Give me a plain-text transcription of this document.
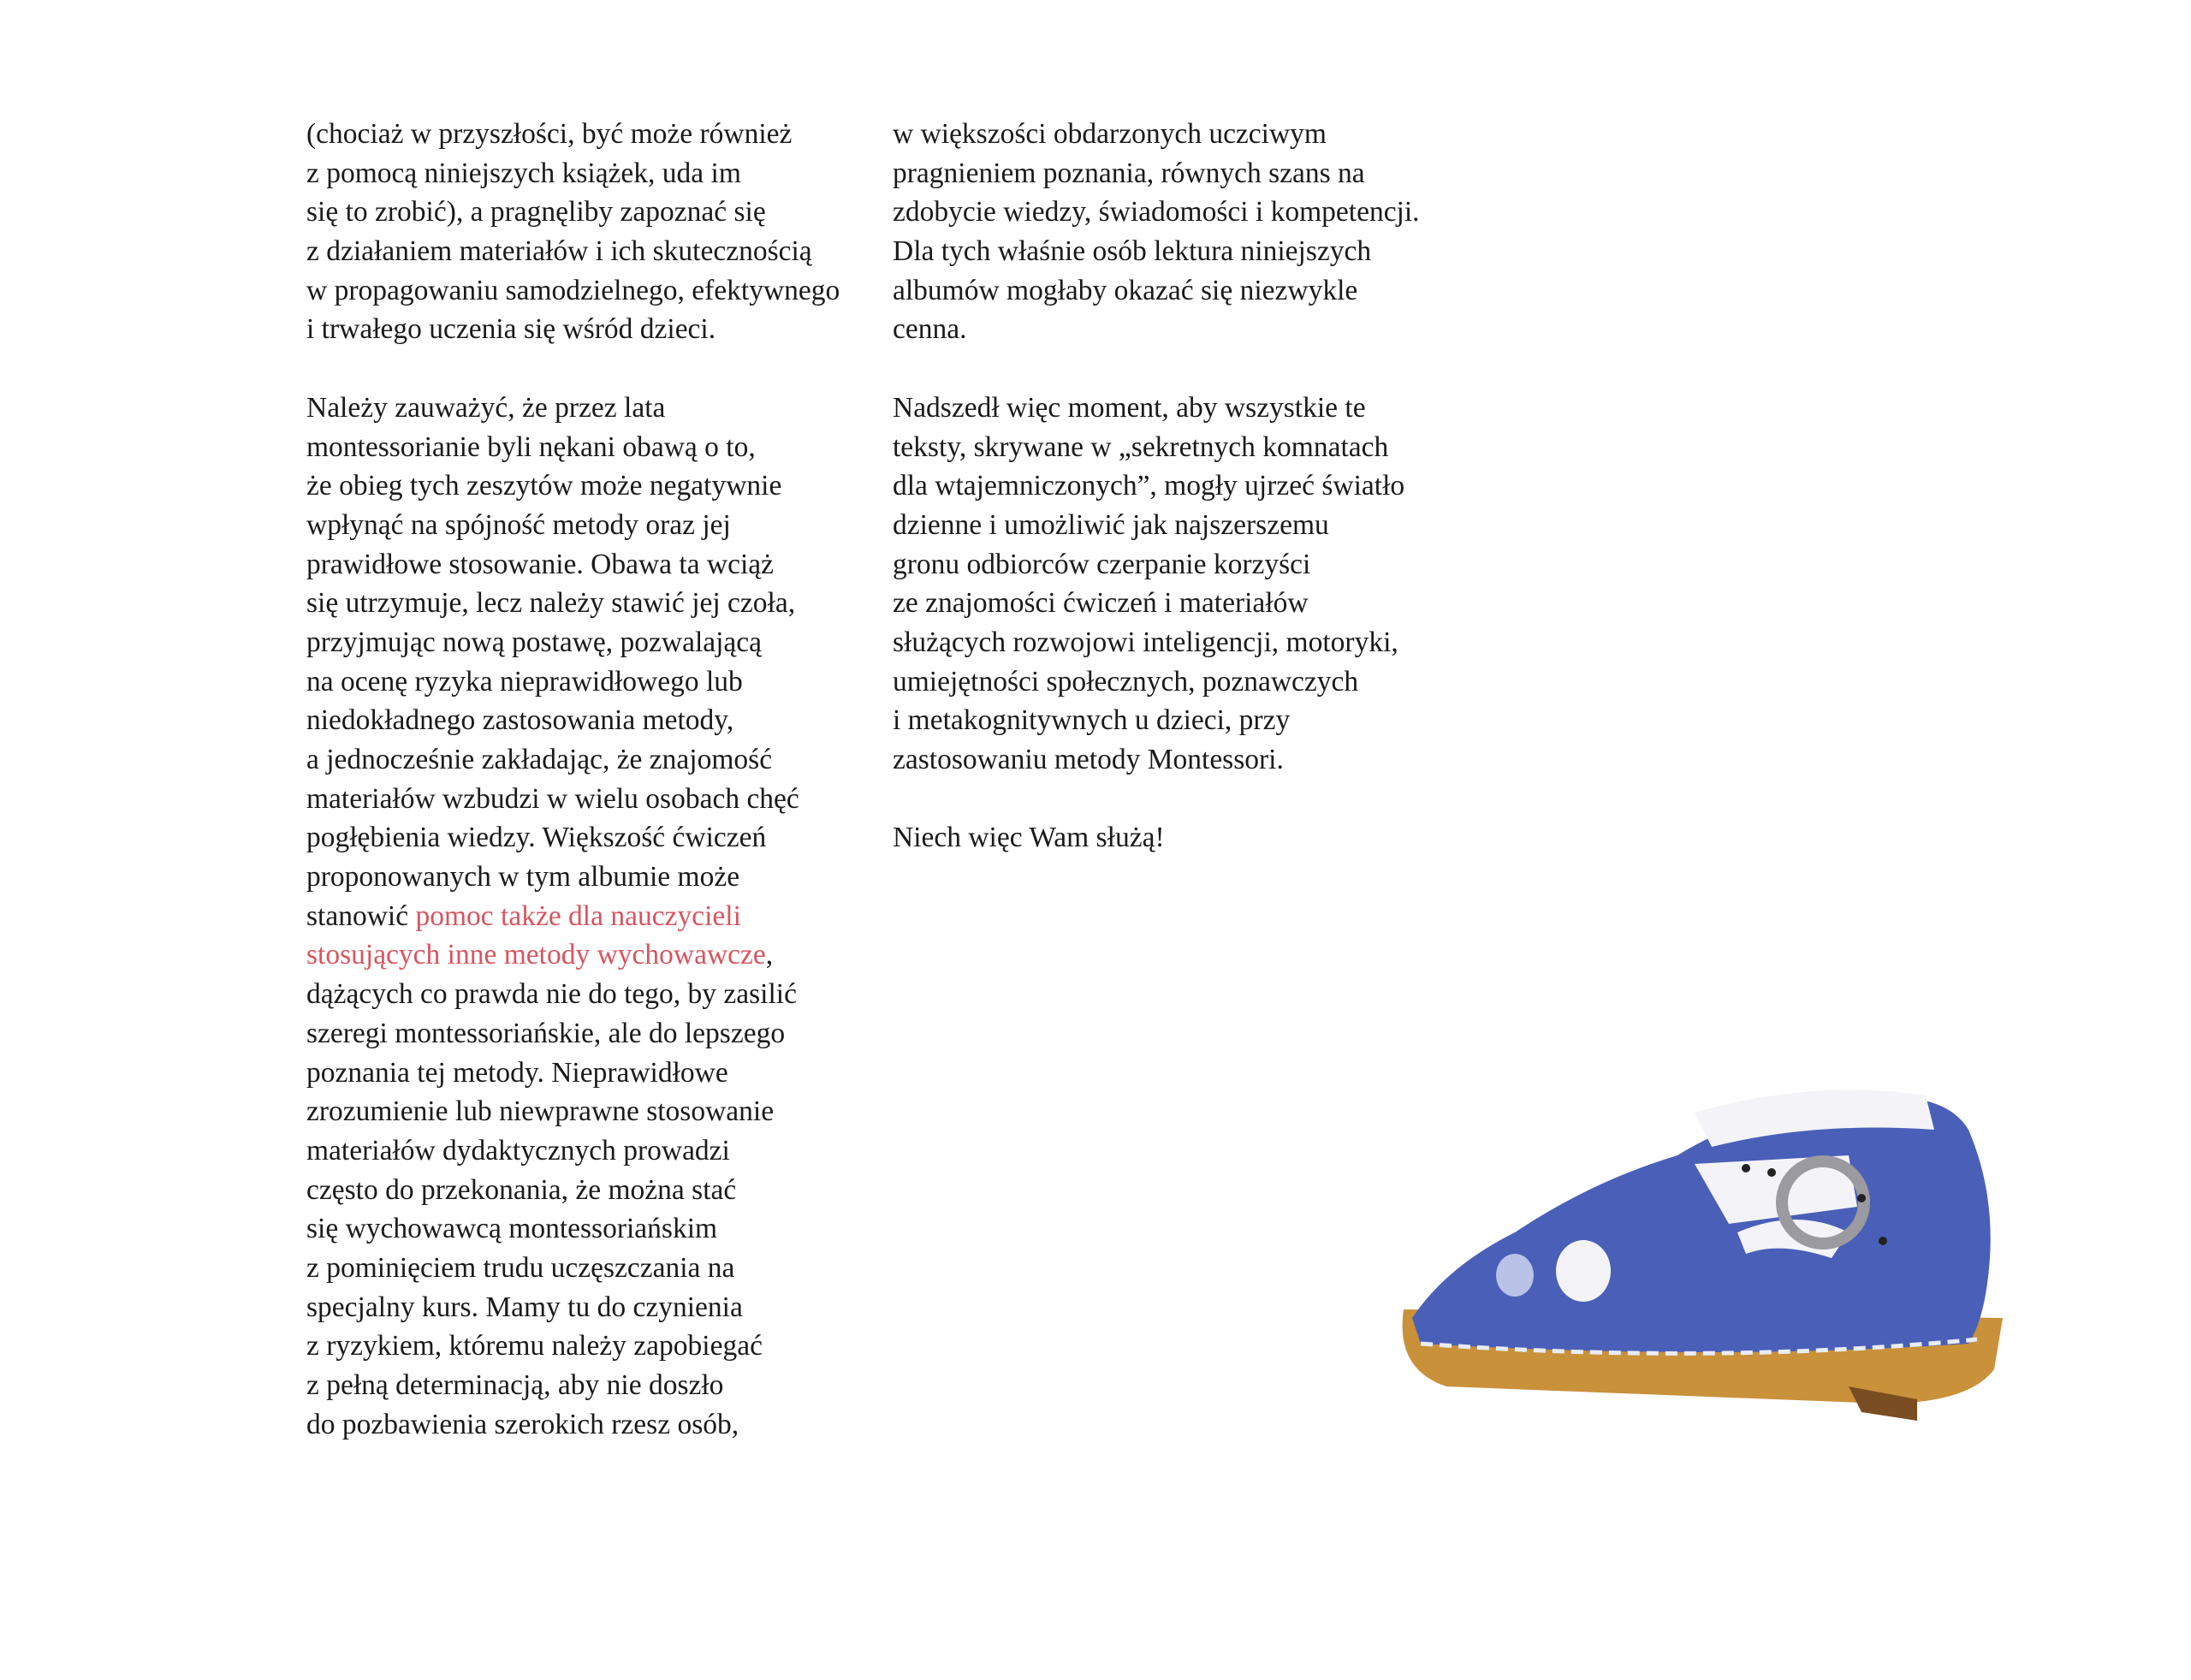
(chociaż w przyszłości, być może również
z pomocą niniejszych książek, uda im
się to zrobić), a pragnęliby zapoznać się
z działaniem materiałów i ich skutecznością
w propagowaniu samodzielnego, efektywnego
i trwałego uczenia się wśród dzieci.
Należy zauważyć, że przez lata
montessorianie byli nękani obawą o to,
że obieg tych zeszytów może negatywnie
wpłynąć na spójność metody oraz jej
prawidłowe stosowanie. Obawa ta wciąż
się utrzymuje, lecz należy stawić jej czoła,
przyjmując nową postawę, pozwalającą
na ocenę ryzyka nieprawidłowego lub
niedokładnego zastosowania metody,
a jednocześnie zakładając, że znajomość
materiałów wzbudzi w wielu osobach chęć
pogłębienia wiedzy. Większość ćwiczeń
proponowanych w tym albumie może
stanowić pomoc także dla nauczycieli
stosujących inne metody wychowawcze,
dążących co prawda nie do tego, by zasilić
szeregi montessoriańskie, ale do lepszego
poznania tej metody. Nieprawidłowe
zrozumienie lub niewprawne stosowanie
materiałów dydaktycznych prowadzi
często do przekonania, że można stać
się wychowawcą montessoriańskim
z pominięciem trudu uczęszczania na
specjalny kurs. Mamy tu do czynienia
z ryzykiem, któremu należy zapobiegać
z pełną determinacją, aby nie doszło
do pozbawienia szerokich rzesz osób,
w większości obdarzonych uczciwym
pragnieniem poznania, równych szans na
zdobycie wiedzy, świadomości i kompetencji.
Dla tych właśnie osób lektura niniejszych
albumów mogłaby okazać się niezwykle
cenna.
Nadszedł więc moment, aby wszystkie te
teksty, skrywane w „sekretnych komnatach
dla wtajemniczonych”, mogły ujrzeć światło
dzienne i umożliwić jak najszerszemu
gronu odbiorców czerpanie korzyści
ze znajomości ćwiczeń i materiałów
służących rozwojowi inteligencji, motoryki,
umiejętności społecznych, poznawczych
i metakognitywnych u dzieci, przy
zastosowaniu metody Montessori.
Niech więc Wam służą!
